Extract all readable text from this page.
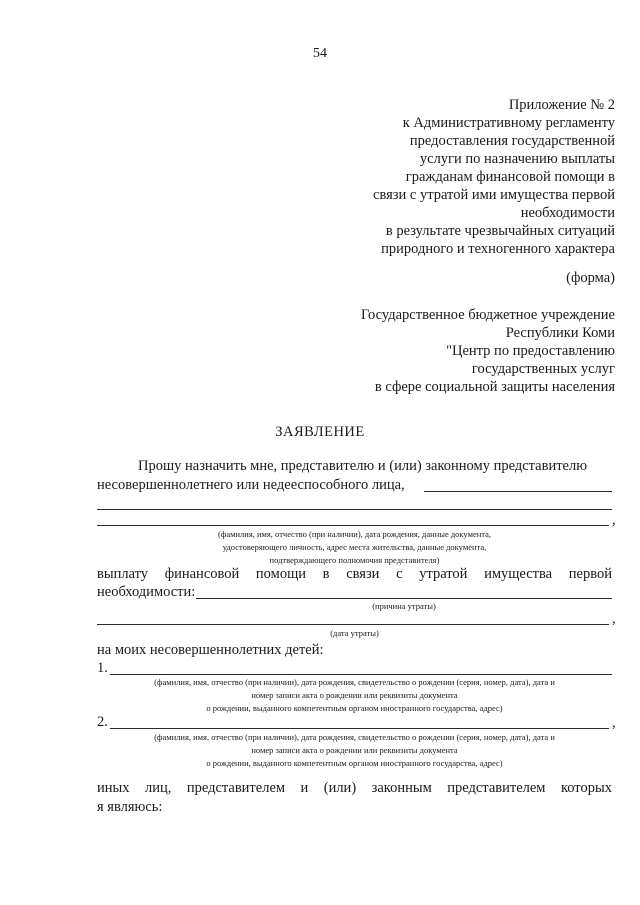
54
Приложение № 2
к Административному регламенту
предоставления государственной
услуги по назначению выплаты
гражданам финансовой помощи в
связи с утратой ими имущества первой
необходимости
в результате чрезвычайных ситуаций
природного и техногенного характера
(форма)
Государственное бюджетное учреждение
Республики Коми
"Центр по предоставлению
государственных услуг
в сфере социальной защиты населения
ЗАЯВЛЕНИЕ
Прошу назначить мне, представителю и (или) законному представителю
несовершеннолетнего или недееспособного лица,
,
(фамилия, имя, отчество (при наличии), дата рождения, данные документа,
удостоверяющего личность, адрес места жительства, данные документа,
подтверждающего полномочия представителя)
выплату финансовой помощи в связи с утратой имущества первой
необходимости:
(причина утраты)
,
(дата утраты)
на моих несовершеннолетних детей:
1.
(фамилия, имя, отчество (при наличии), дата рождения, свидетельство о рождении (серия, номер, дата), дата и
номер записи акта о рождении или реквизиты документа
о рождении, выданного компетентным органом иностранного государства, адрес)
2.	,
(фамилия, имя, отчество (при наличии), дата рождения, свидетельство о рождении (серия, номер, дата), дата и
номер записи акта о рождении или реквизиты документа
о рождении, выданного компетентным органом иностранного государства, адрес)
иных лиц, представителем и (или) законным представителем которых
я являюсь:
